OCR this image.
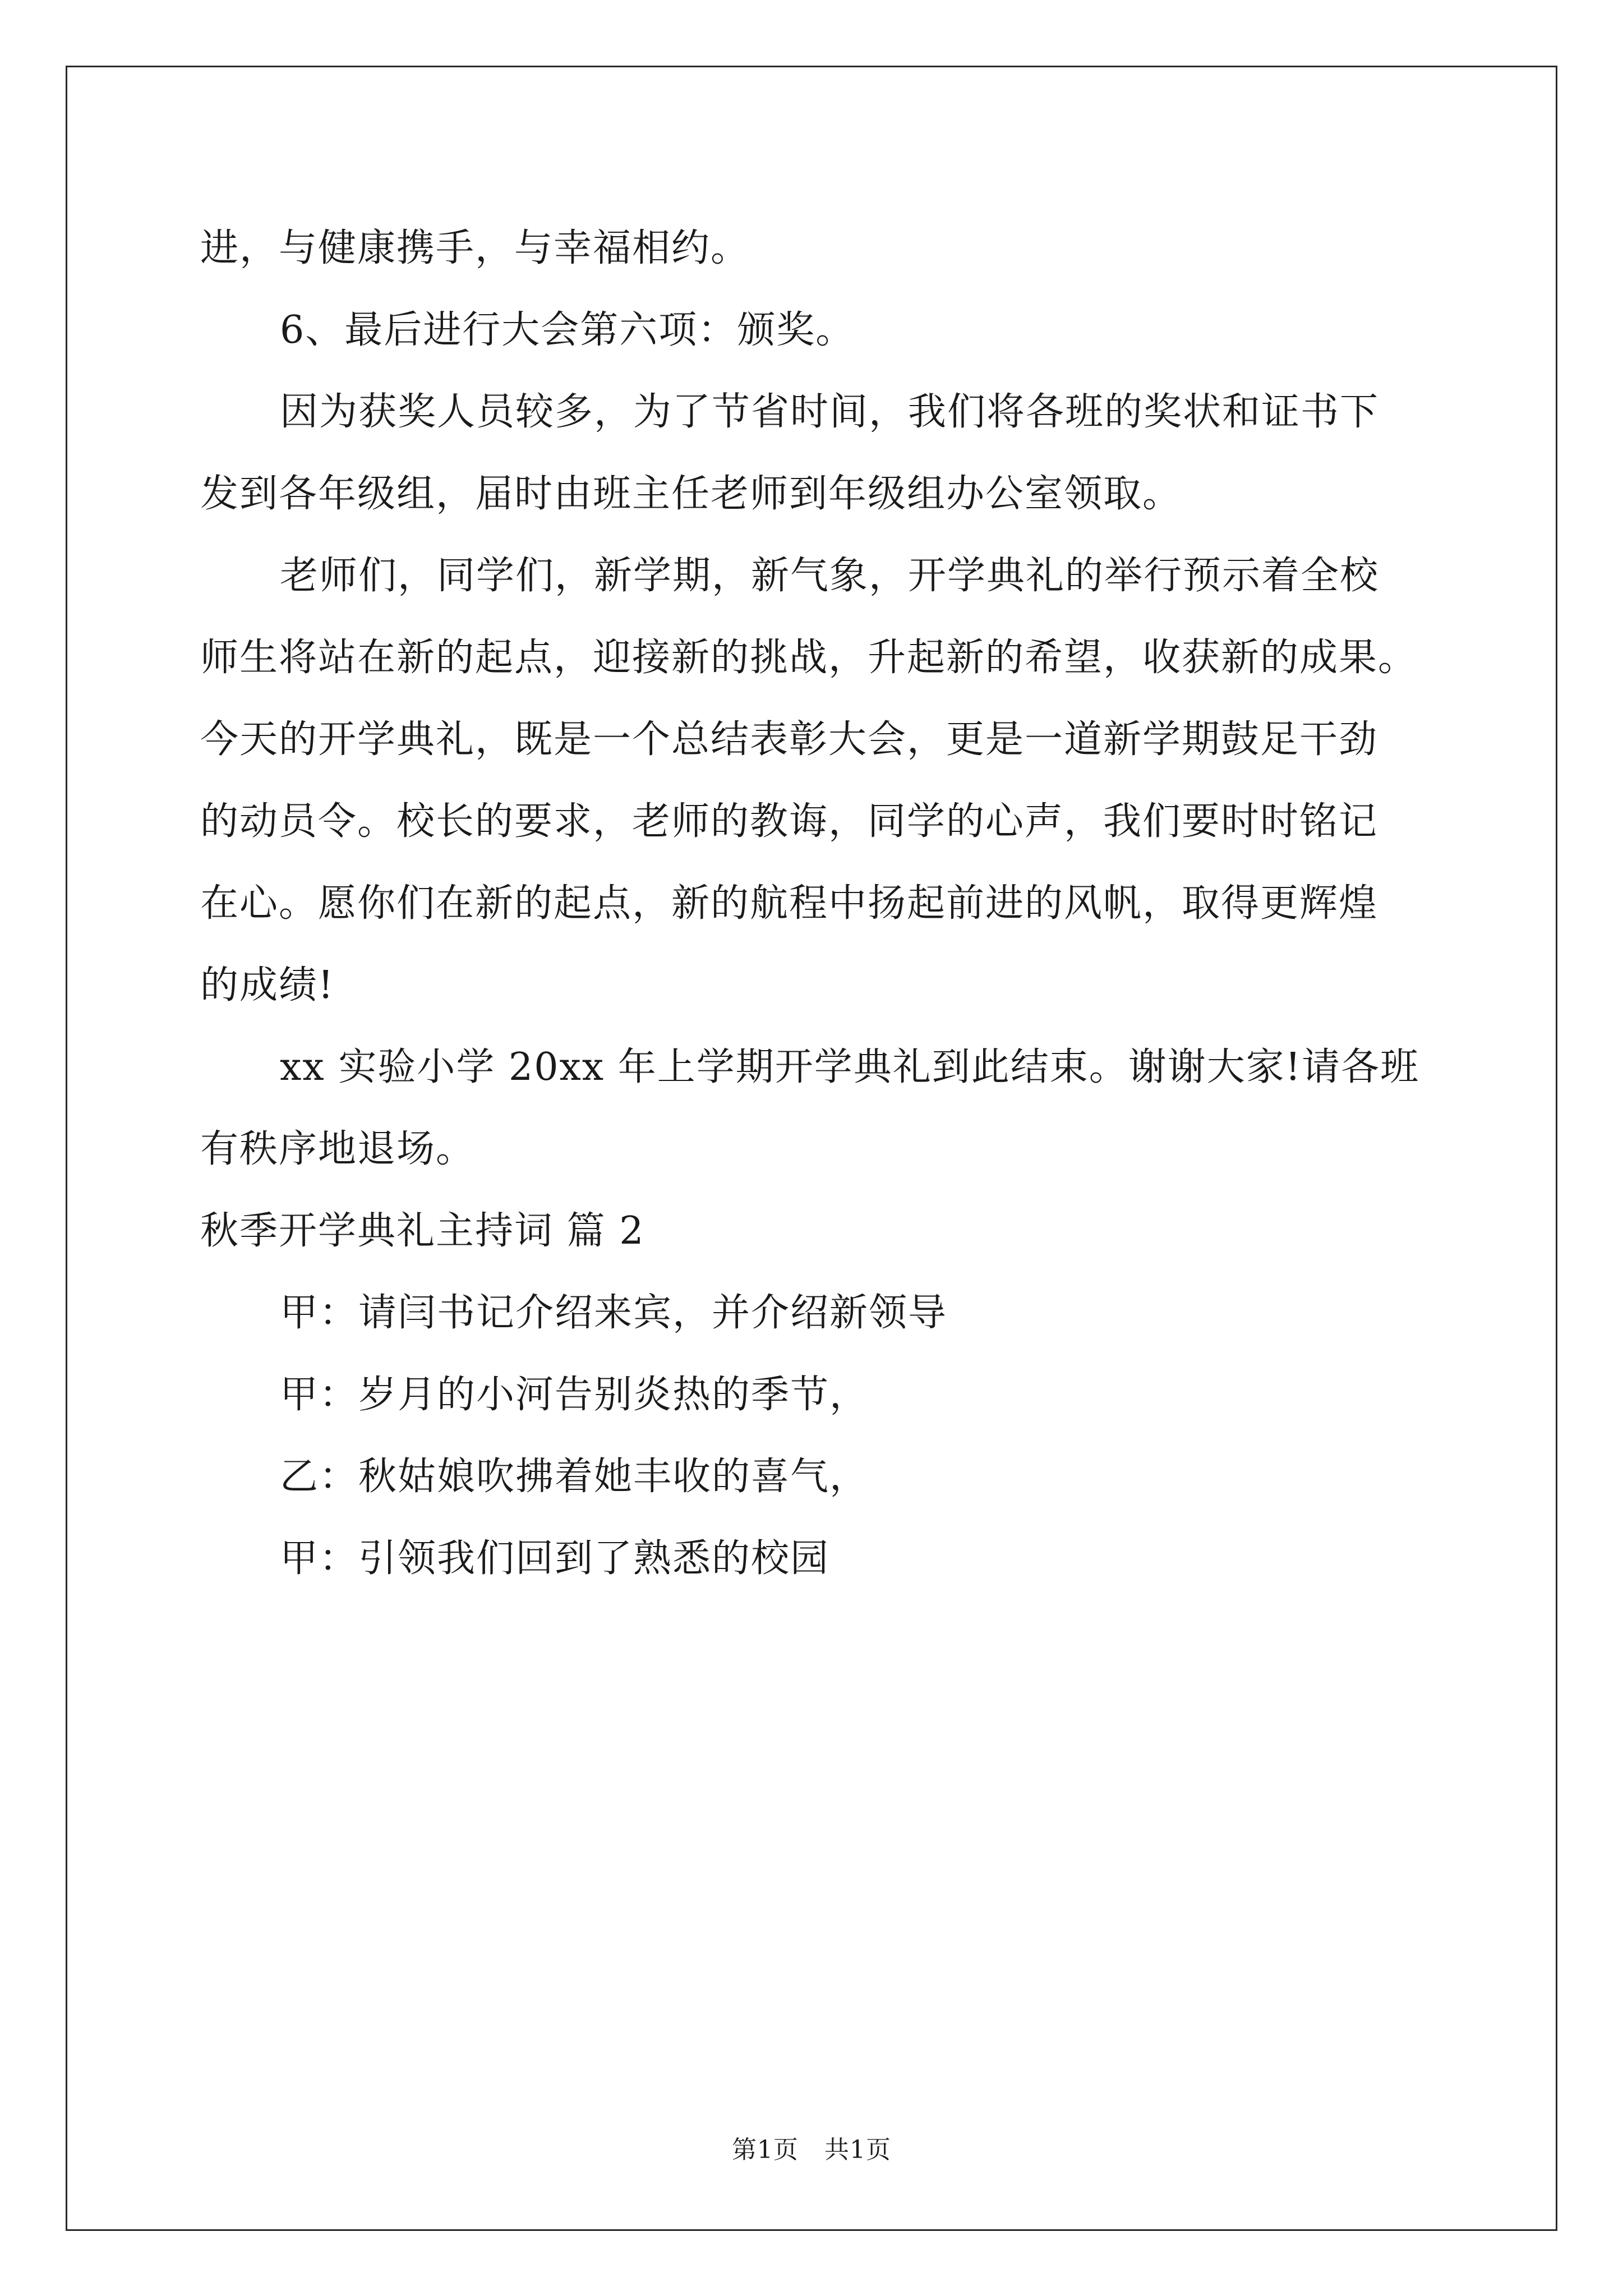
进，与健康携手，与幸福相约。

6、最后进行大会第六项：颁奖。

因为获奖人员较多，为了节省时间，我们将各班的奖状和证书下

发到各年级组，届时由班主任老师到年级组办公室领取。

老师们，同学们，新学期，新气象，开学典礼的举行预示着全校

师生将站在新的起点，迎接新的挑战，升起新的希望，收获新的成果。

今天的开学典礼，既是一个总结表彰大会，更是一道新学期鼓足干劲

的动员令。校长的要求，老师的教诲，同学的心声，我们要时时铭记

在心。愿你们在新的起点，新的航程中扬起前进的风帆，取得更辉煌

的成绩!

xx 实验小学 20xx 年上学期开学典礼到此结束。谢谢大家!请各班

有秩序地退场。

秋季开学典礼主持词 篇 2

甲：请闫书记介绍来宾，并介绍新领导

甲：岁月的小河告别炎热的季节，

乙：秋姑娘吹拂着她丰收的喜气，

甲：引领我们回到了熟悉的校园

第1页 共1页
